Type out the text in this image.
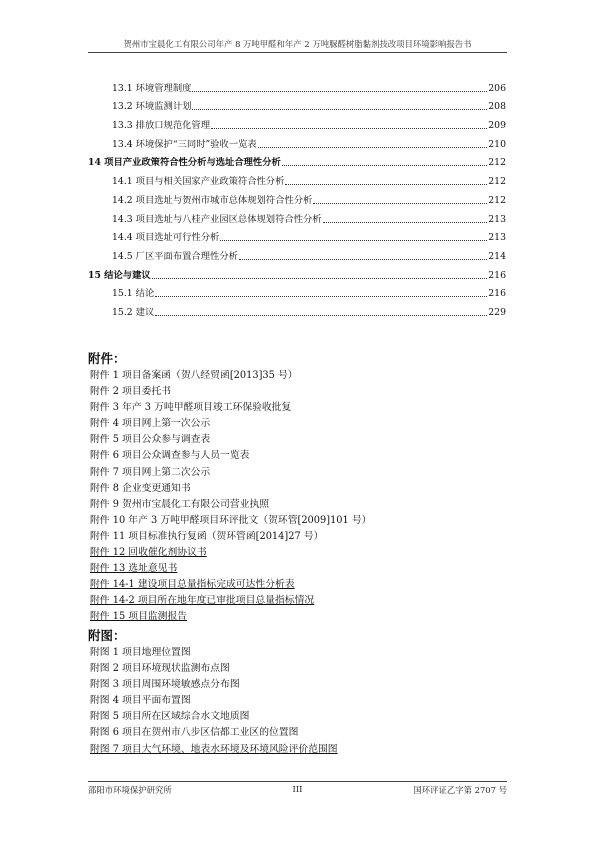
贺州市宝晨化工有限公司年产 8 万吨甲醛和年产 2 万吨脲醛树脂黏剂技改项目环境影响报告书
13.1 环境管理制度	206
13.2 环境监测计划	208
13.3 排放口规范化管理	209
13.4 环境保护“三同时”验收一览表	210
14 项目产业政策符合性分析与选址合理性分析	212
14.1 项目与相关国家产业政策符合性分析	212
14.2 项目选址与贺州市城市总体规划符合性分析	212
14.3 项目选址与八桂产业园区总体规划符合性分析	213
14.4 项目选址可行性分析	213
14.5 厂区平面布置合理性分析	214
15 结论与建议	216
15.1 结论	216
15.2 建议	229
附件：
附件 1 项目备案函（贺八经贸函[2013]35 号）
附件 2 项目委托书
附件 3 年产 3 万吨甲醛项目竣工环保验收批复
附件 4 项目网上第一次公示
附件 5 项目公众参与调查表
附件 6 项目公众调查参与人员一览表
附件 7 项目网上第二次公示
附件 8 企业变更通知书
附件 9 贺州市宝晨化工有限公司营业执照
附件 10 年产 3 万吨甲醛项目环评批文（贺环管[2009]101 号）
附件 11 项目标准执行复函（贺环管函[2014]27 号）
附件 12 回收催化剂协议书
附件 13 选址意见书
附件 14-1 建设项目总量指标完成可达性分析表
附件 14-2 项目所在地年度已审批项目总量指标情况
附件 15 项目监测报告
附图：
附图 1 项目地理位置图
附图 2 项目环境现状监测布点图
附图 3 项目周围环境敏感点分布图
附图 4 项目平面布置图
附图 5 项目所在区域综合水文地质图
附图 6 项目在贺州市八步区信都工业区的位置图
附图 7 项目大气环境、地表水环境及环境风险评价范围图
邵阳市环境保护研究所	III	国环评证乙字第 2707 号
